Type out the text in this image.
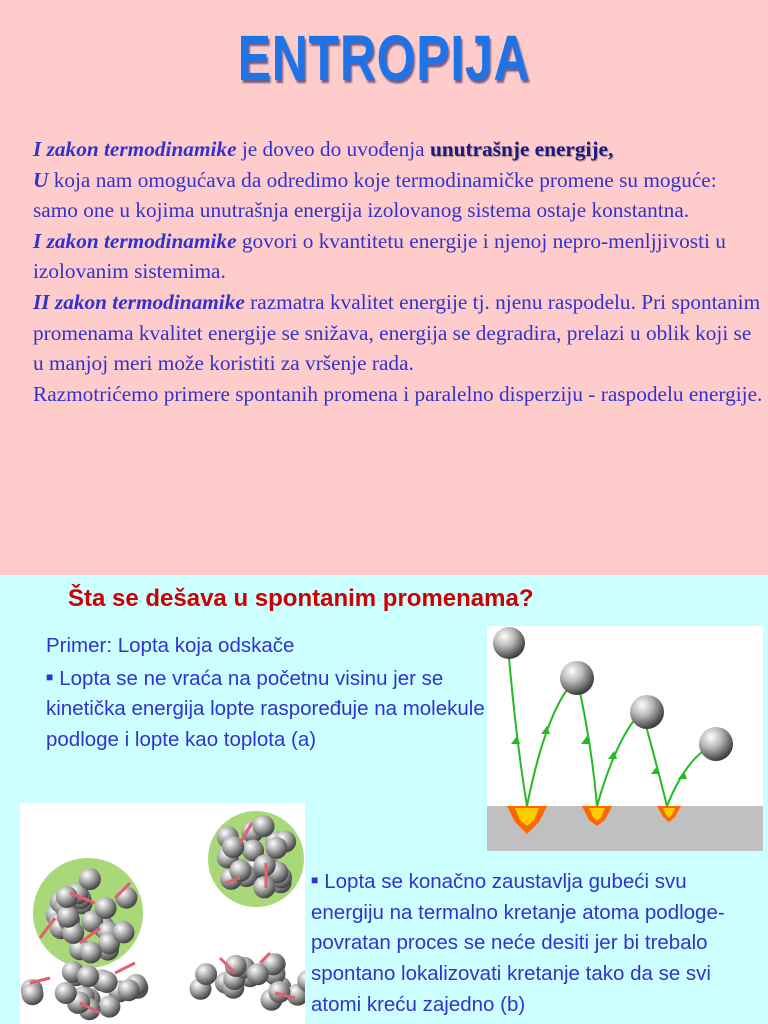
ENTROPIJA

I zakon termodinamike je doveo do uvođenja unutrašnje energije,
U koja nam omogućava da odredimo koje termodinamičke promene su moguće: samo one u kojima unutrašnja energija izolovanog sistema ostaje konstantna.

I zakon termodinamike govori o kvantitetu energije i njenoj nepro-menljjivosti u izolovanim sistemima.

II zakon termodinamike razmatra kvalitet energije tj. njenu raspodelu. Pri spontanim promenama kvalitet energije se snižava, energija se degradira, prelazi u oblik koji se u manjoj meri može koristiti za vršenje rada.

Razmotrićemo primere spontanih promena i paralelno disperziju - raspodelu energije.

Šta se dešava u spontanim promenama?

Primer: Lopta koja odskače

■ Lopta se ne vraća na početnu visinu jer se kinetička energija lopte raspoređuje na molekule podloge i lopte kao toplota (a)

■ Lopta se konačno zaustavlja gubeći svu energiju na termalno kretanje atoma podloge-povratan proces se neće desiti jer bi trebalo spontano lokalizovati kretanje tako da se svi atomi kreću zajedno (b)
